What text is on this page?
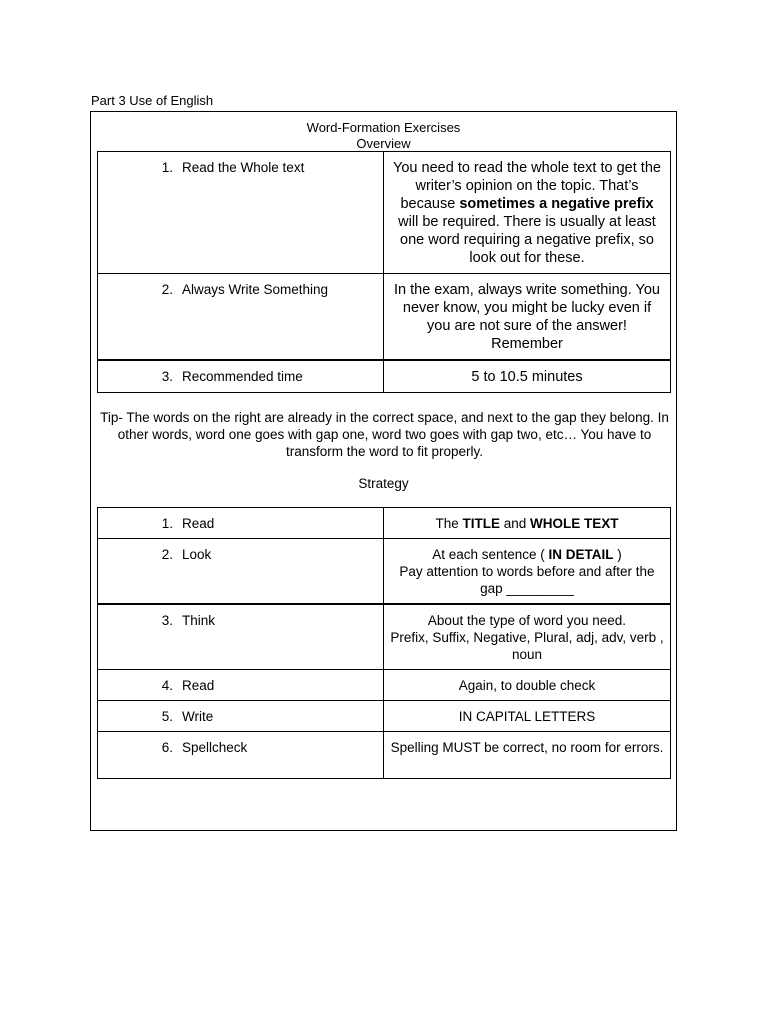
Part 3 Use of English
Word-Formation Exercises
Overview
1. Read the Whole text	You need to read the whole text to get the writer’s opinion on the topic. That’s because sometimes a negative prefix will be required. There is usually at least one word requiring a negative prefix, so look out for these.
2. Always Write Something	In the exam, always write something. You never know, you might be lucky even if you are not sure of the answer! Remember
3. Recommended time	5 to 10.5 minutes
Tip- The words on the right are already in the correct space, and next to the gap they belong. In other words, word one goes with gap one, word two goes with gap two, etc… You have to transform the word to fit properly.
Strategy
1. Read	The TITLE and WHOLE TEXT
2. Look	At each sentence ( IN DETAIL )
Pay attention to words before and after the gap _________

3. Think	About the type of word you need.
Prefix, Suffix, Negative, Plural, adj, adv, verb , noun

4. Read	Again, to double check
5. Write	IN CAPITAL LETTERS
6. Spellcheck	Spelling MUST be correct, no room for errors.
